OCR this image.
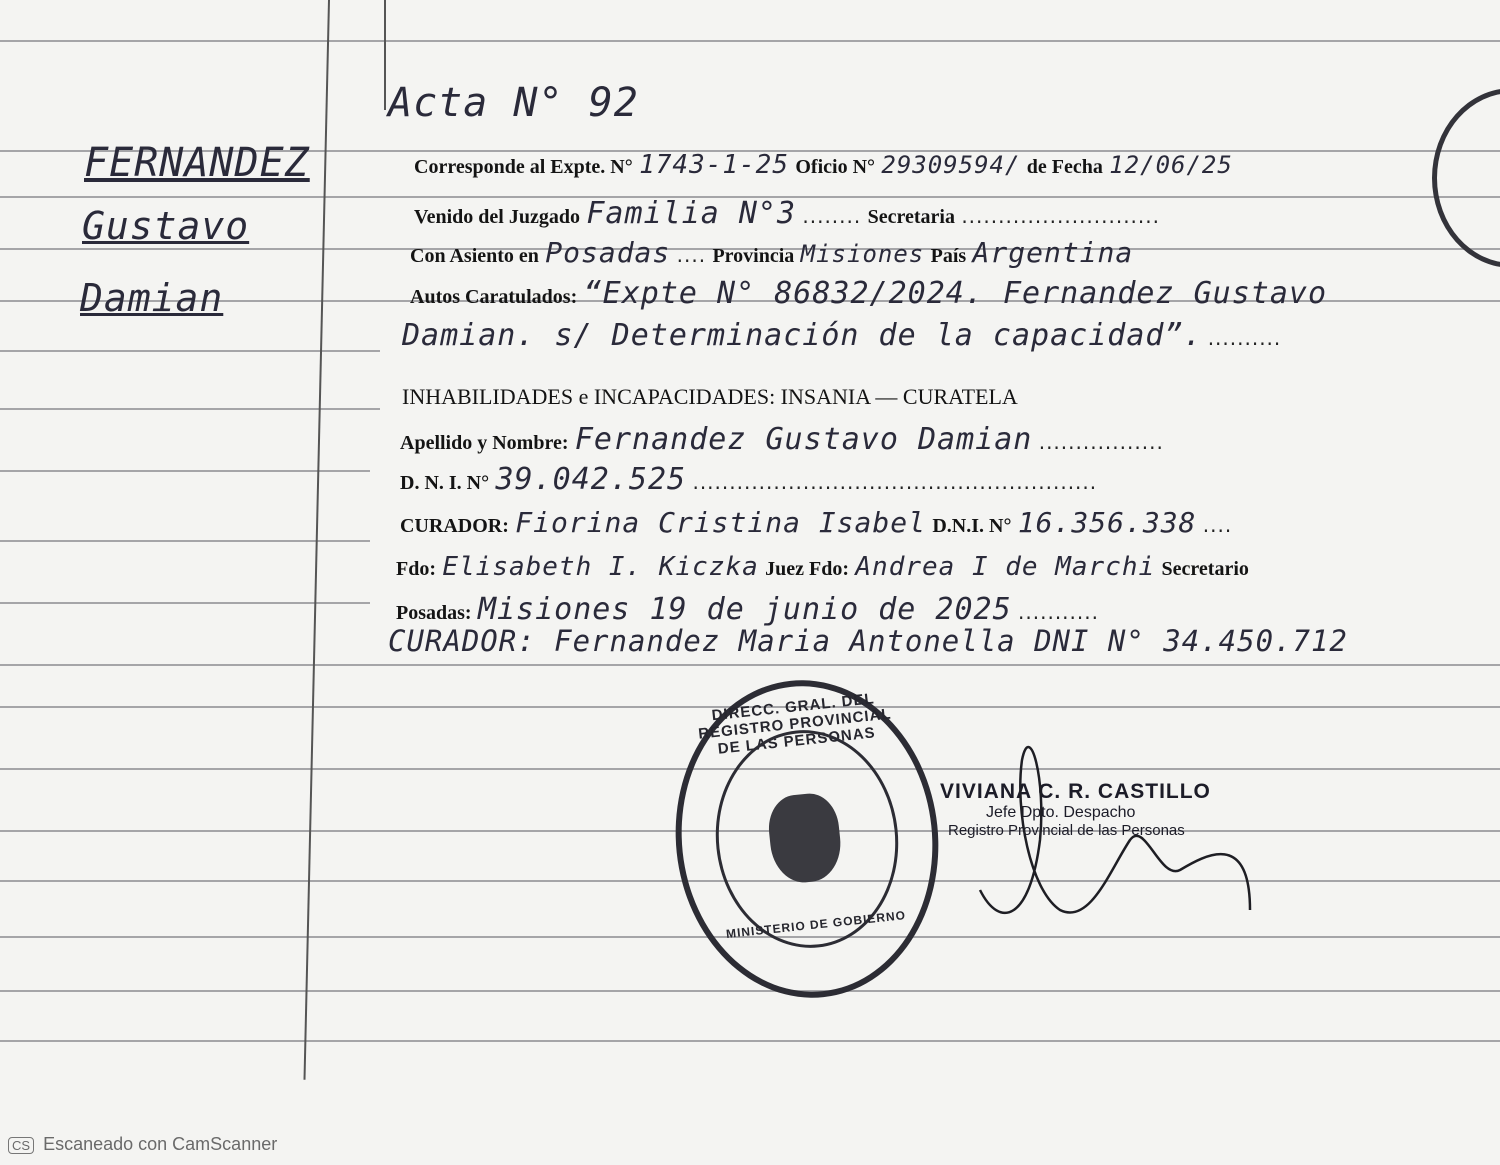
Acta N° 92
FERNANDEZ
Gustavo
Damian
Corresponde al Expte. N° 1743-1-25 Oficio N° 29309594/ de Fecha 12/06/25
Venido del Juzgado Familia N°3 ........ Secretaria ...........................
Con Asiento en Posadas .... Provincia Misiones País Argentina
Autos Caratulados: “Expte N° 86832/2024. Fernandez Gustavo
Damian. s/ Determinación de la capacidad”. ..........
INHABILIDADES e INCAPACIDADES: INSANIA — CURATELA
Apellido y Nombre: Fernandez Gustavo Damian .................
D. N. I. N° 39.042.525 .......................................................
CURADOR: Fiorina Cristina Isabel D.N.I. N° 16.356.338 ....
Fdo: Elisabeth I. Kiczka Juez Fdo: Andrea I de Marchi Secretario
Posadas: Misiones 19 de junio de 2025 ...........
CURADOR: Fernandez Maria Antonella DNI N° 34.450.712
DIRECC. GRAL. DEL REGISTRO PROVINCIAL DE LAS PERSONAS
MINISTERIO DE GOBIERNO
VIVIANA C. R. CASTILLO
Jefe Dpto. Despacho
Registro Provincial de las Personas
CS Escaneado con CamScanner
